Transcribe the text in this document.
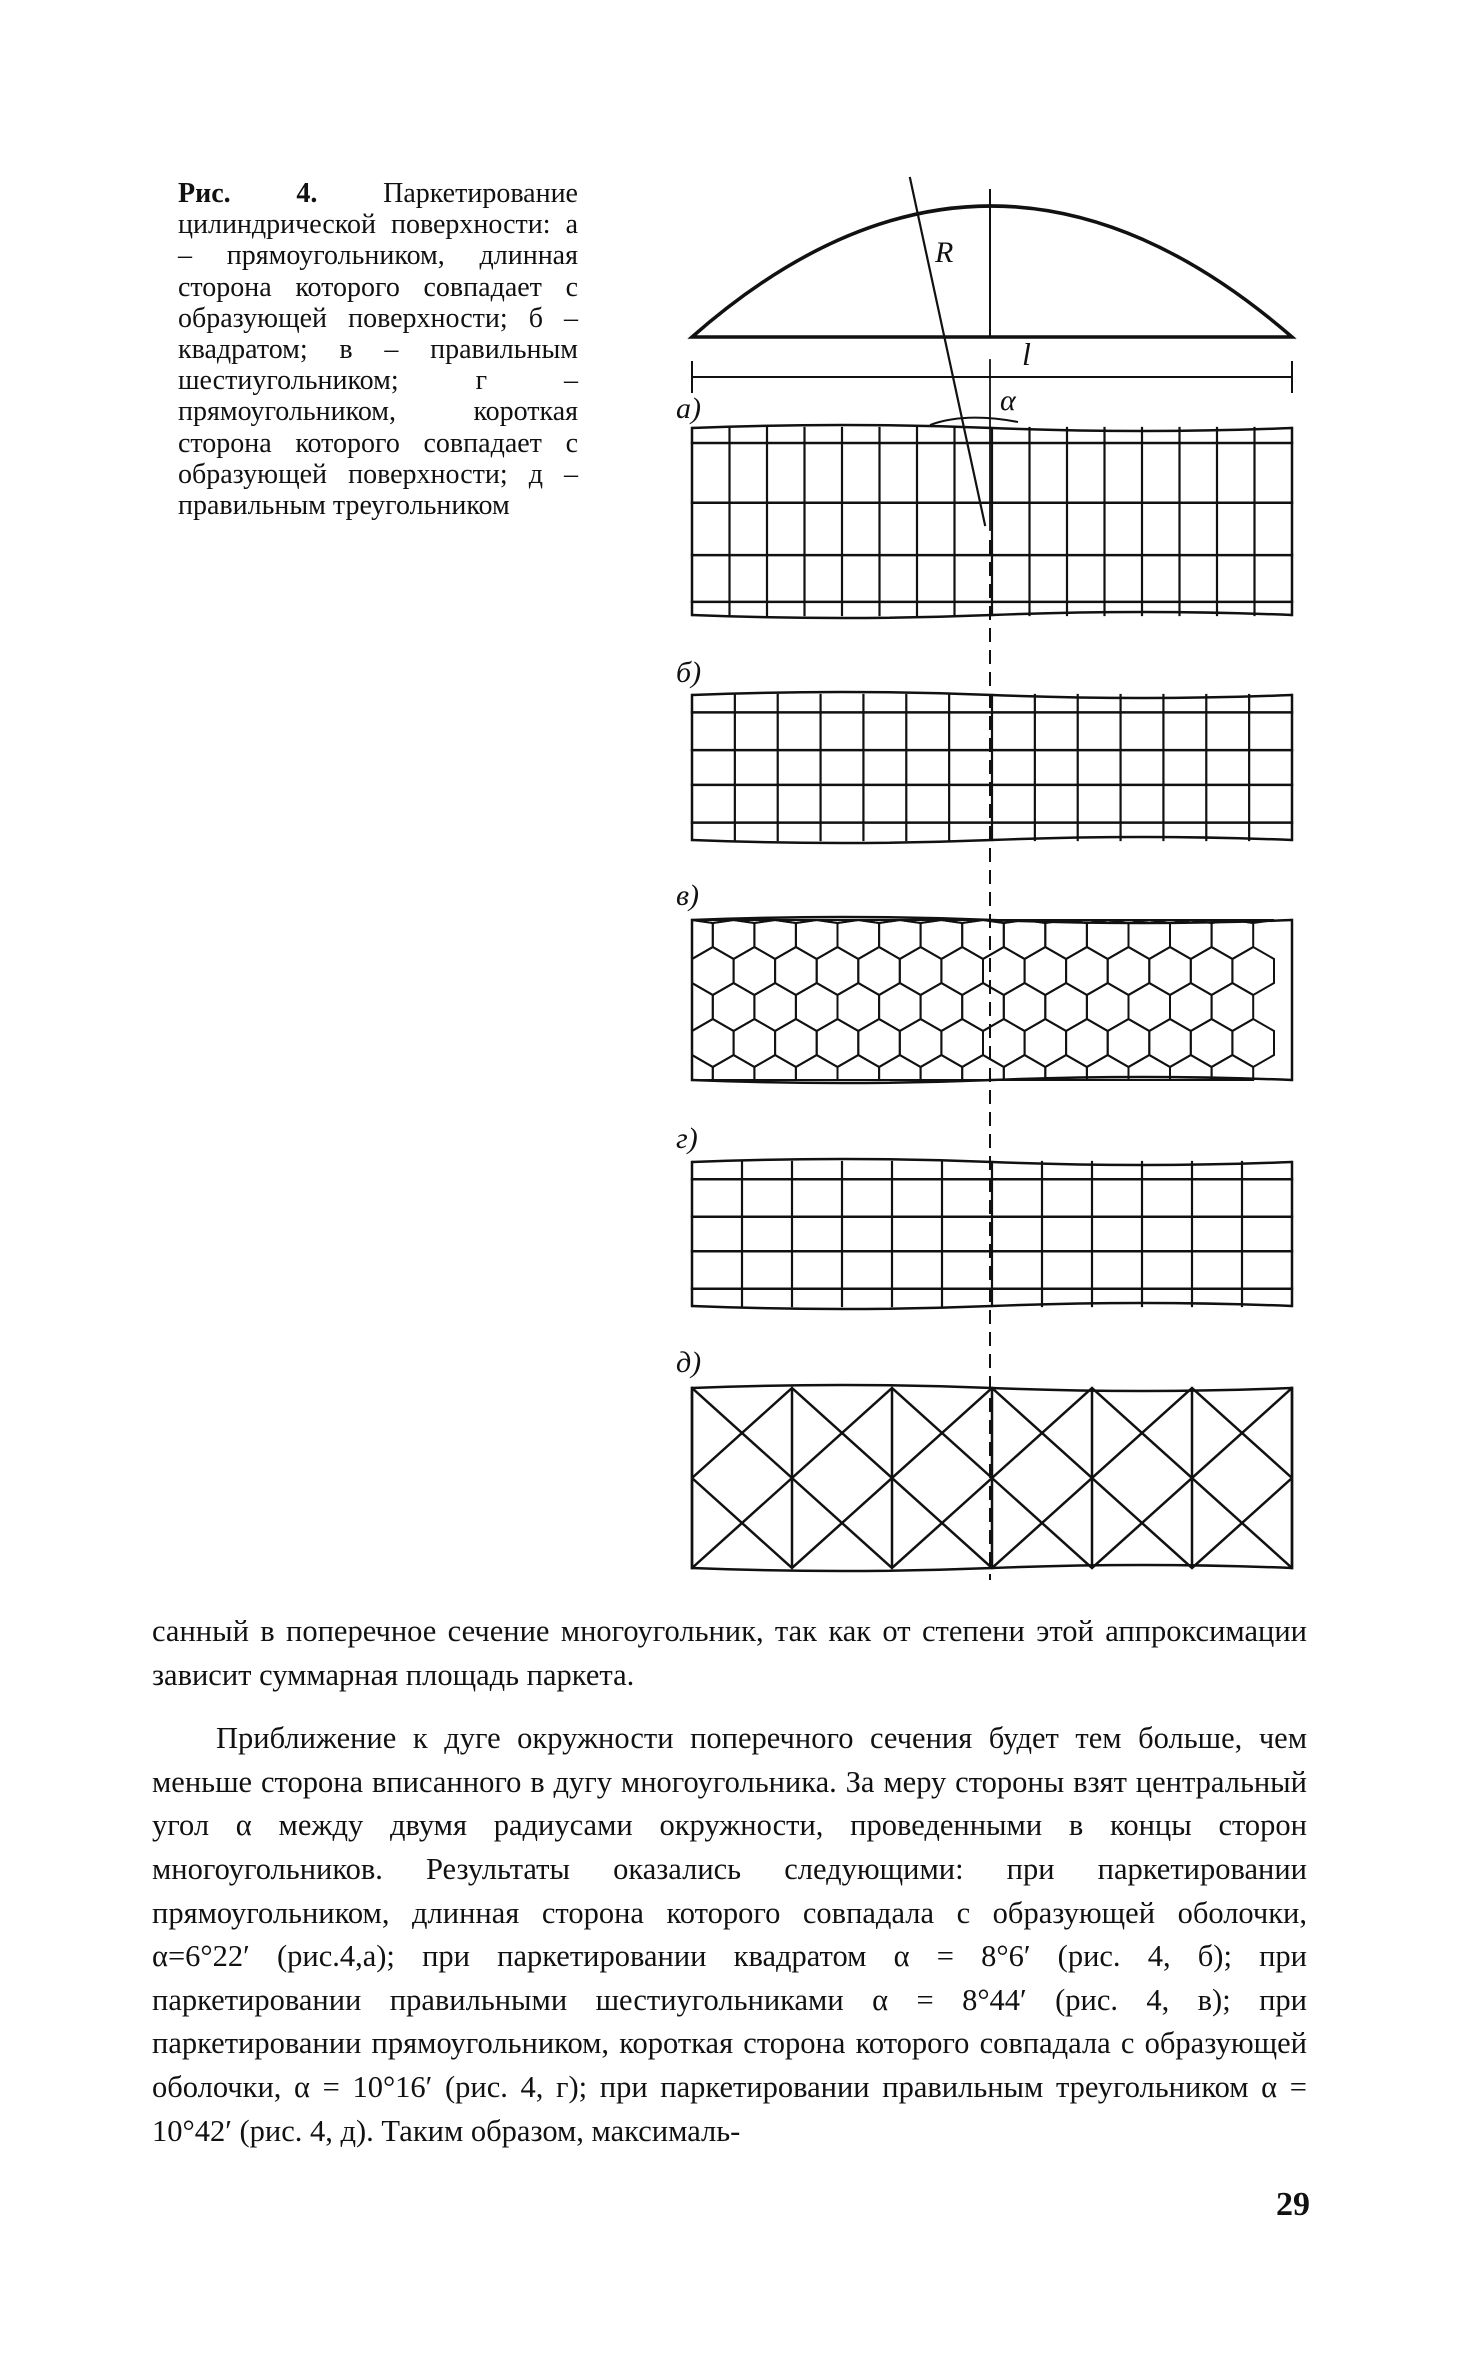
Рис. 4. Паркетирование цилиндрической поверхности: а – прямоугольником, длинная сторона которого совпадает с образующей поверхности; б – квадратом; в – правильным шестиугольником; г – прямоугольником, короткая сторона которого совпадает с образующей поверхности; д – правильным треугольником
а)
б)
в)
г)
д)
R
l
α

санный в поперечное сечение многоугольник, так как от степени этой аппроксимации зависит суммарная площадь паркета.

Приближение к дуге окружности поперечного сечения будет тем больше, чем меньше сторона вписанного в дугу многоугольника. За меру стороны взят центральный угол α между двумя радиусами окружности, проведенными в концы сторон многоугольников. Результаты оказались следующими: при паркетировании прямоугольником, длинная сторона которого совпадала с образующей оболочки, α=6°22′ (рис.4,а); при паркетировании квадратом α = 8°6′ (рис. 4, б); при паркетировании правильными шестиугольниками α = 8°44′ (рис. 4, в); при паркетировании прямоугольником, короткая сторона которого совпадала с образующей оболочки, α = 10°16′ (рис. 4, г); при паркетировании правильным треугольником α = 10°42′ (рис. 4, д). Таким образом, максималь-

29
